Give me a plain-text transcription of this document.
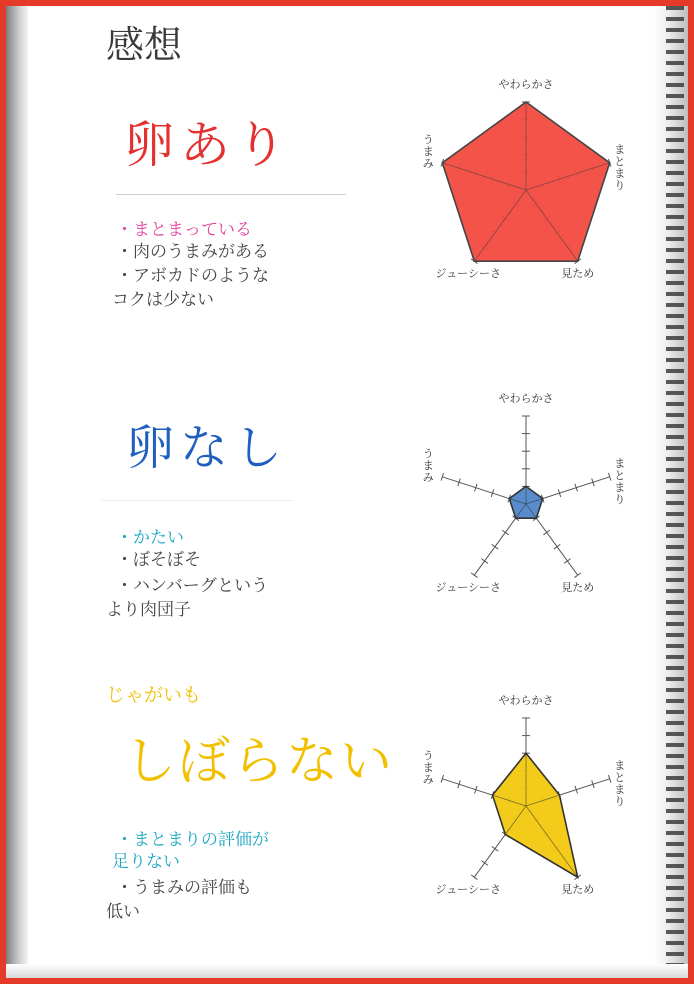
感想
卵あり
・まとまっている
・肉のうまみがある
・アボカドのような
コクは少ない
卵なし
・かたい
・ぼそぼそ
・ハンバーグという
より肉団子
じゃがいも
しぼらない
・まとまりの評価が
足りない
・うまみの評価も
低い
やわらかさ
まとまり
見ため
ジューシーさ
うまみ
やわらかさ
まとまり
見ため
ジューシーさ
うまみ
やわらかさ
まとまり
見ため
ジューシーさ
うまみ
